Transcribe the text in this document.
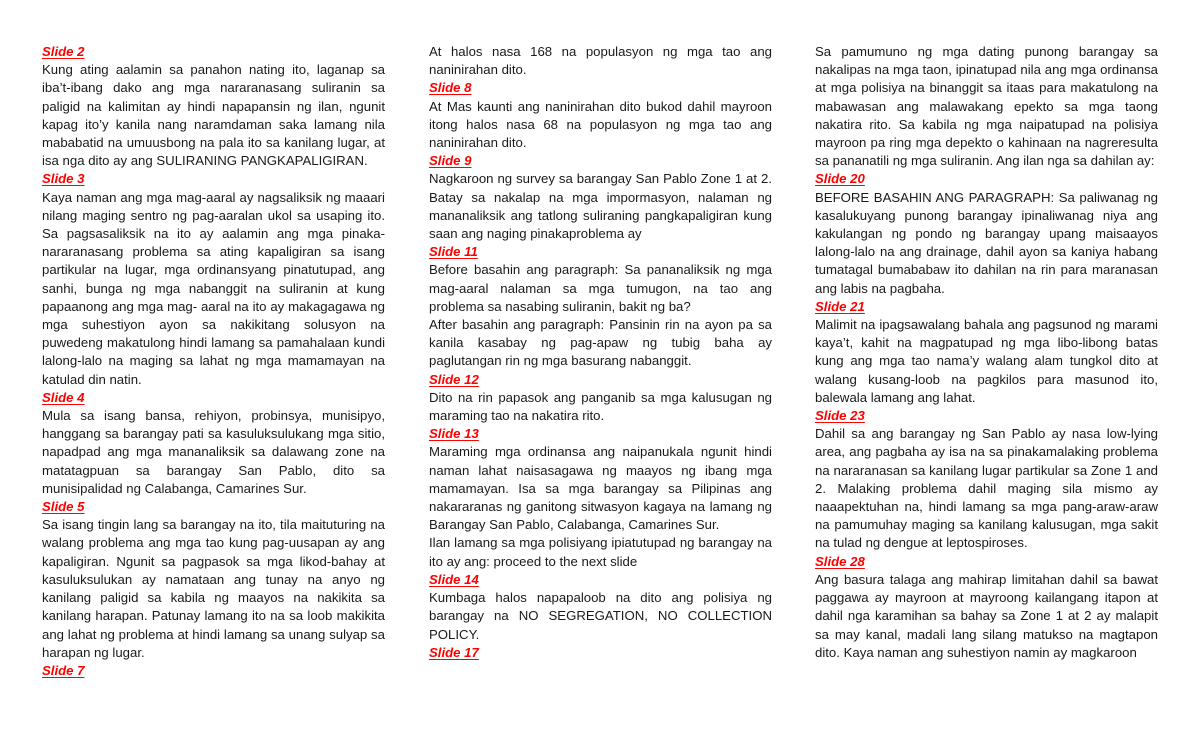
Slide 2
Kung ating aalamin sa panahon nating ito, laganap sa iba’t-ibang dako ang mga nararanasang suliranin sa paligid na kalimitan ay hindi napapansin ng ilan, ngunit kapag ito’y kanila nang naramdaman saka lamang nila mababatid na umuusbong na pala ito sa kanilang lugar, at isa nga dito ay ang SULIRANING PANGKAPALIGIRAN.
Slide 3
Kaya naman ang mga mag-aaral ay nagsaliksik ng maaari nilang maging sentro ng pag-aaralan ukol sa usaping ito. Sa pagsasaliksik na ito ay aalamin ang mga pinaka-nararanasang problema sa ating kapaligiran sa isang partikular na lugar, mga ordinansyang pinatutupad, ang sanhi, bunga ng mga nabanggit na suliranin at kung papaanong ang mga mag- aaral na ito ay makagagawa ng mga suhestiyon ayon sa nakikitang solusyon na puwedeng makatulong hindi lamang sa pamahalaan kundi lalong-lalo na maging sa lahat ng mga mamamayan na katulad din natin.
Slide 4
Mula sa isang bansa, rehiyon, probinsya, munisipyo, hanggang sa barangay pati sa kasuluksulukang mga sitio, napadpad ang mga mananaliksik sa dalawang zone na matatagpuan sa barangay San Pablo, dito sa munisipalidad ng Calabanga, Camarines Sur.
Slide 5
Sa isang tingin lang sa barangay na ito, tila maituturing na walang problema ang mga tao kung pag-uusapan ay ang kapaligiran. Ngunit sa pagpasok sa mga likod-bahay at kasuluksulukan ay namataan ang tunay na anyo ng kanilang paligid sa kabila ng maayos na nakikita sa kanilang harapan. Patunay lamang ito na sa loob makikita ang lahat ng problema at hindi lamang sa unang sulyap sa harapan ng lugar.
Slide 7
At halos nasa 168 na populasyon ng mga tao ang naninirahan dito.
Slide 8
At Mas kaunti ang naninirahan dito bukod dahil mayroon itong halos nasa 68 na populasyon ng mga tao ang naninirahan dito.
Slide 9
Nagkaroon ng survey sa barangay San Pablo Zone 1 at 2. Batay sa nakalap na mga impormasyon, nalaman ng mananaliksik ang tatlong suliraning pangkapaligiran kung saan ang naging pinakaproblema ay
Slide 11
Before basahin ang paragraph: Sa pananaliksik ng mga mag-aaral nalaman sa mga tumugon, na tao ang problema sa nasabing suliranin, bakit ng ba?
After basahin ang paragraph: Pansinin rin na ayon pa sa kanila kasabay ng pag-apaw ng tubig baha ay paglutangan rin ng mga basurang nabanggit.
Slide 12
Dito na rin papasok ang panganib sa mga kalusugan ng maraming tao na nakatira rito.
Slide 13
Maraming mga ordinansa ang naipanukala ngunit hindi naman lahat naisasagawa ng maayos ng ibang mga mamamayan. Isa sa mga barangay sa Pilipinas ang nakararanas ng ganitong sitwasyon kagaya na lamang ng Barangay San Pablo, Calabanga, Camarines Sur.
Ilan lamang sa mga polisiyang ipiatutupad ng barangay na ito ay ang: proceed to the next slide
Slide 14
Kumbaga halos napapaloob na dito ang polisiya ng barangay na NO SEGREGATION, NO COLLECTION POLICY.
Slide 17
Sa pamumuno ng mga dating punong barangay sa nakalipas na mga taon, ipinatupad nila ang mga ordinansa at mga polisiya na binanggit sa itaas para makatulong na mabawasan ang malawakang epekto sa mga taong nakatira rito. Sa kabila ng mga naipatupad na polisiya mayroon pa ring mga depekto o kahinaan na nagreresulta sa pananatili ng mga suliranin. Ang ilan nga sa dahilan ay:
Slide 20
BEFORE BASAHIN ANG PARAGRAPH: Sa paliwanag ng kasalukuyang punong barangay ipinaliwanag niya ang kakulangan ng pondo ng barangay upang maisaayos lalong-lalo na ang drainage, dahil ayon sa kaniya habang tumatagal bumababaw ito dahilan na rin para maranasan ang labis na pagbaha.
Slide 21
Malimit na ipagsawalang bahala ang pagsunod ng marami kaya’t, kahit na magpatupad ng mga libo-libong batas kung ang mga tao nama’y walang alam tungkol dito at walang kusang-loob na pagkilos para masunod ito, balewala lamang ang lahat.
Slide 23
Dahil sa ang barangay ng San Pablo ay nasa low-lying area, ang pagbaha ay isa na sa pinakamalaking problema na nararanasan sa kanilang lugar partikular sa Zone 1 and 2. Malaking problema dahil maging sila mismo ay naaapektuhan na, hindi lamang sa mga pang-araw-araw na pamumuhay maging sa kanilang kalusugan, mga sakit na tulad ng dengue at leptospiroses.
Slide 28
Ang basura talaga ang mahirap limitahan dahil sa bawat paggawa ay mayroon at mayroong kailangang itapon at dahil nga karamihan sa bahay sa Zone 1 at 2 ay malapit sa may kanal, madali lang silang matukso na magtapon dito. Kaya naman ang suhestiyon namin ay magkaroon
